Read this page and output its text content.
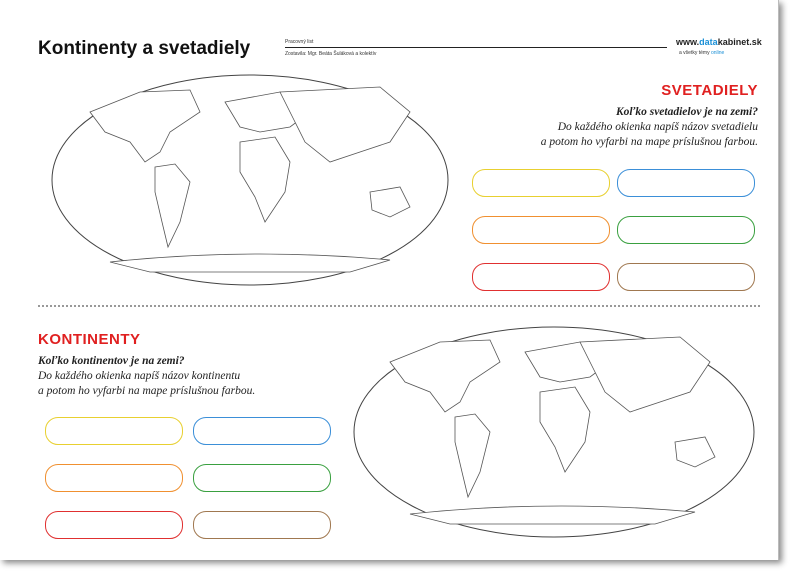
Kontinenty a svetadiely	Pracovný list
Zostavila: Mgr. Beáta Šuláková a kolektív
www.datakabinet.sk
a všetky témy online
SVETADIELY
Koľko svetadielov je na zemi?
Do každého okienka napíš názov svetadielu
a potom ho vyfarbi na mape príslušnou farbou.
KONTINENTY
Koľko kontinentov je na zemi?
Do každého okienka napíš názov kontinentu
a potom ho vyfarbi na mape príslušnou farbou.
